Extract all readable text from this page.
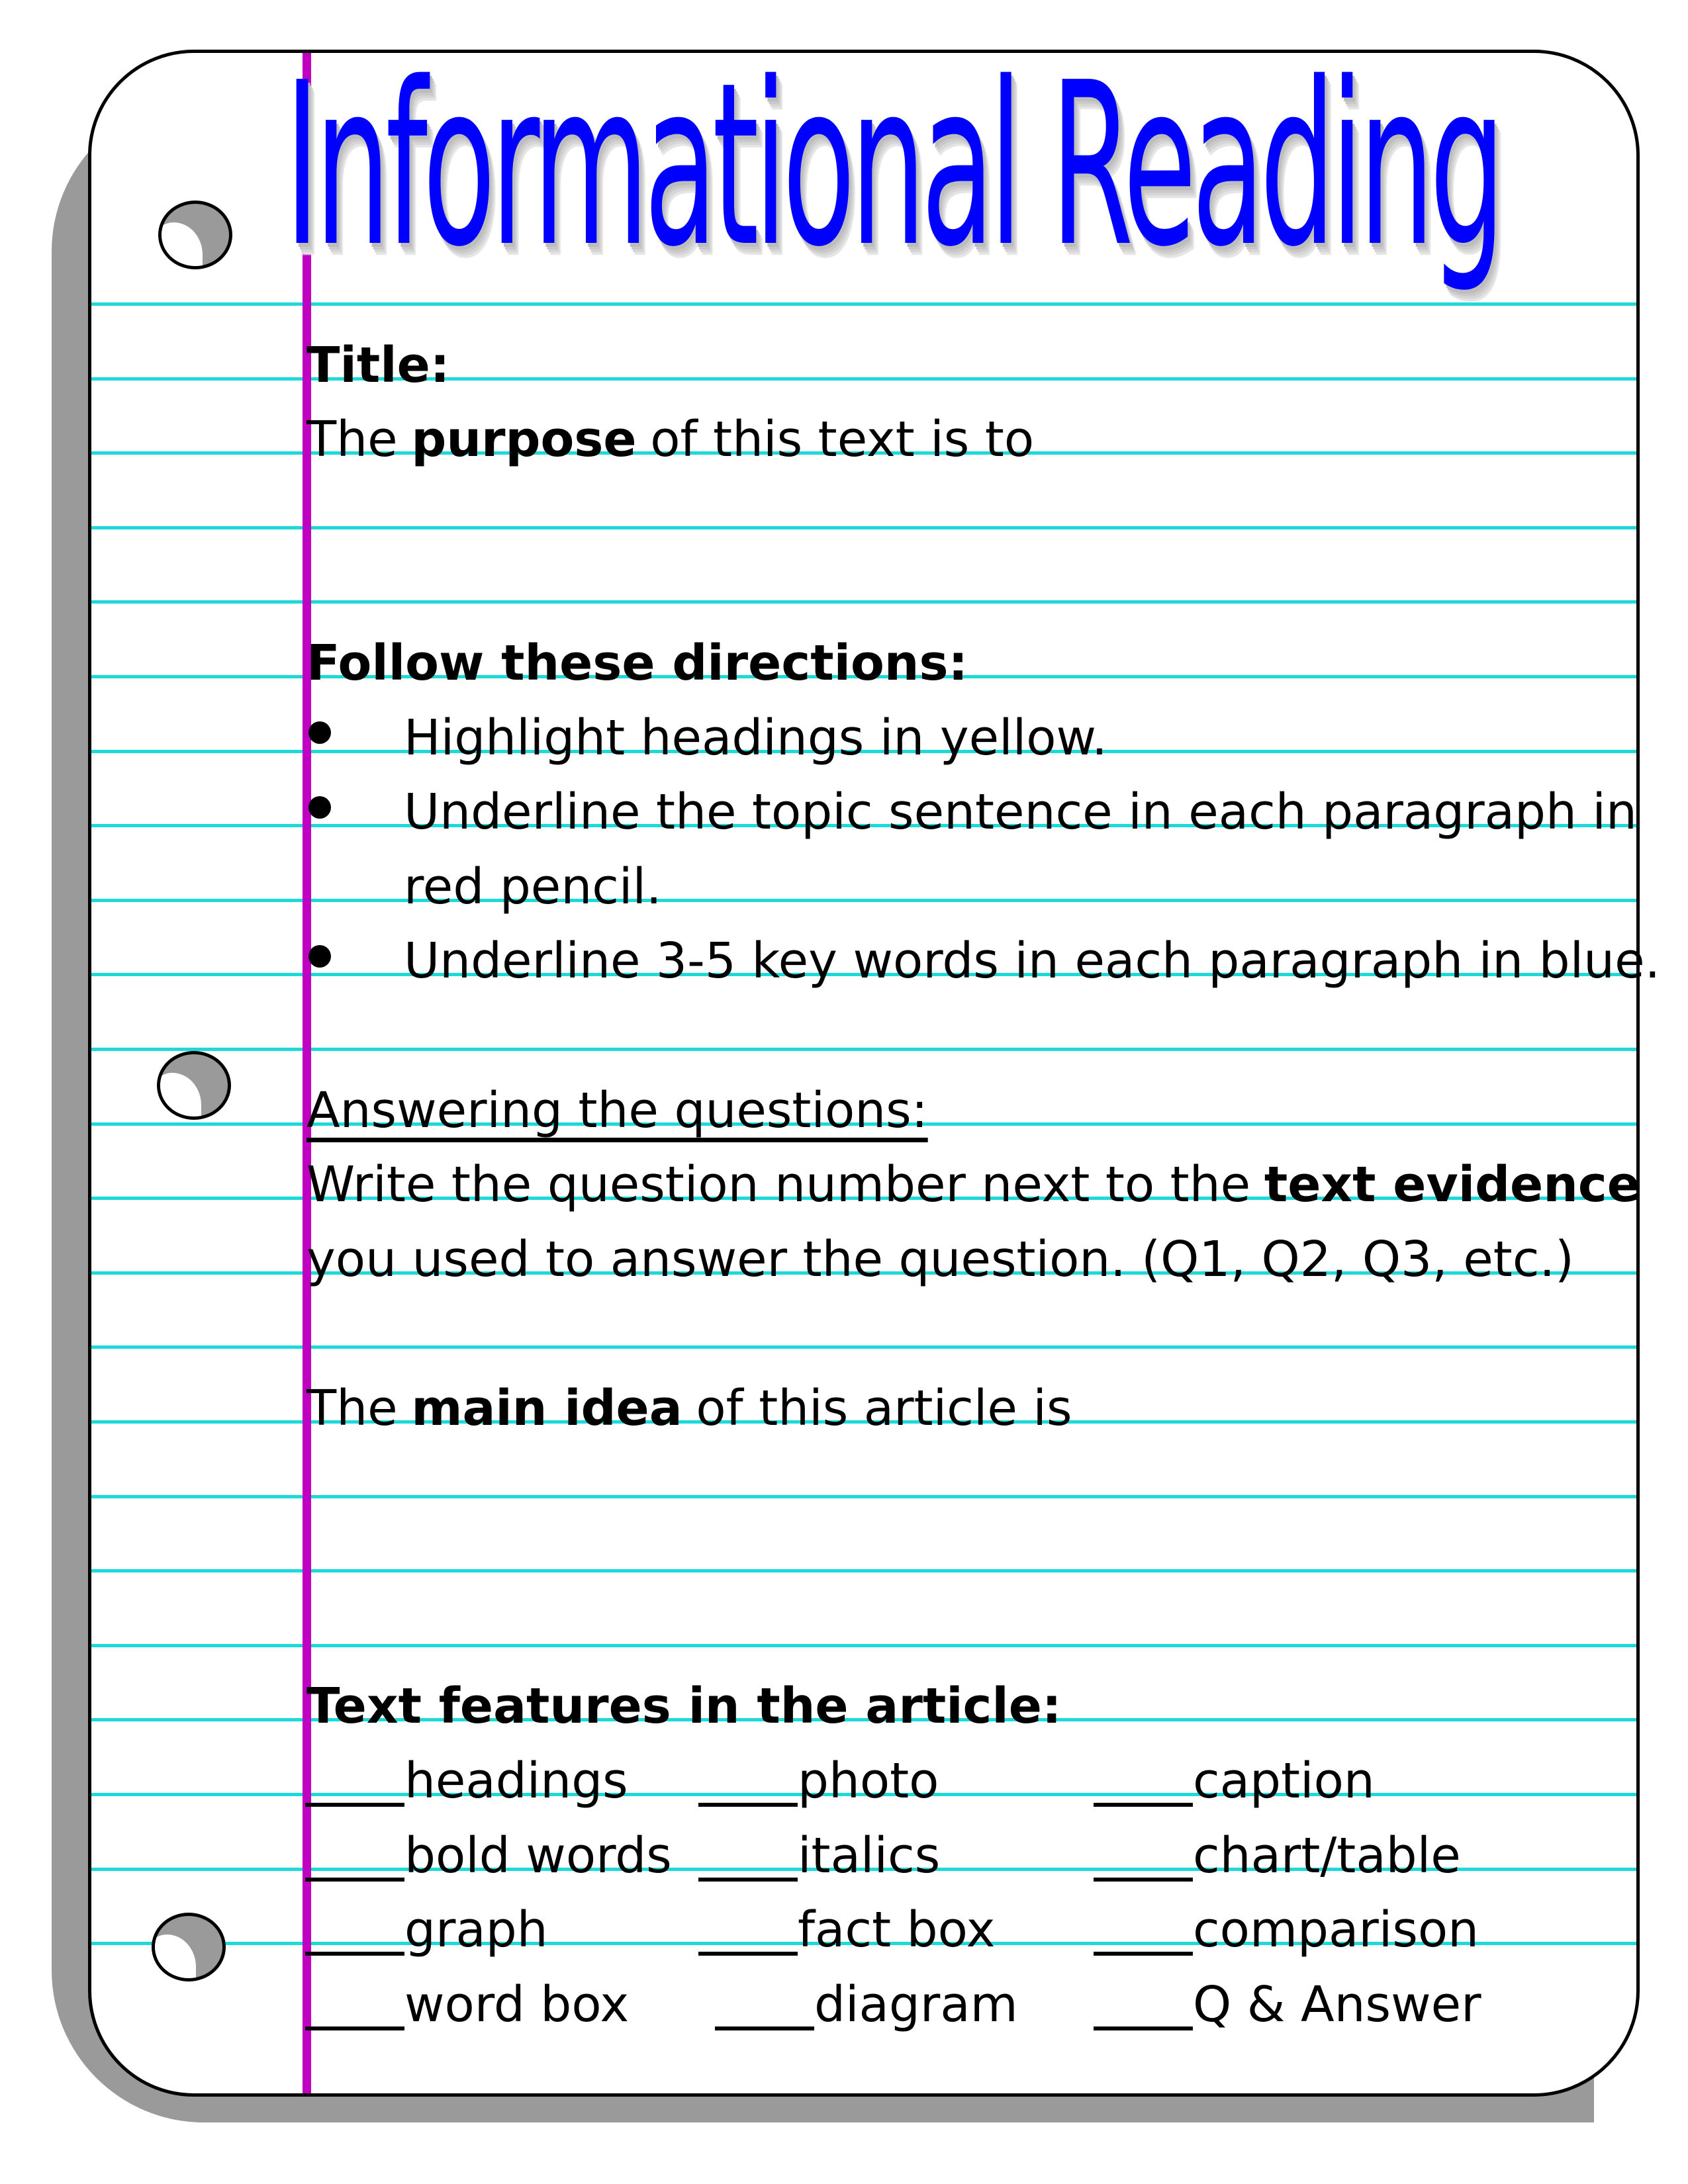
Informational Reading
Title:
The purpose of this text is to
Follow these directions:
Highlight headings in yellow.
Underline the topic sentence in each paragraph in
red pencil.
Underline 3-5 key words in each paragraph in blue.
Answering the questions:
Write the question number next to the text evidence
you used to answer the question. (Q1, Q2, Q3, etc.)
The main idea of this article is
Text features in the article:
headings	photo	caption
bold words	italics	chart/table
graph	fact box	comparison
word box	diagram	Q & Answer
